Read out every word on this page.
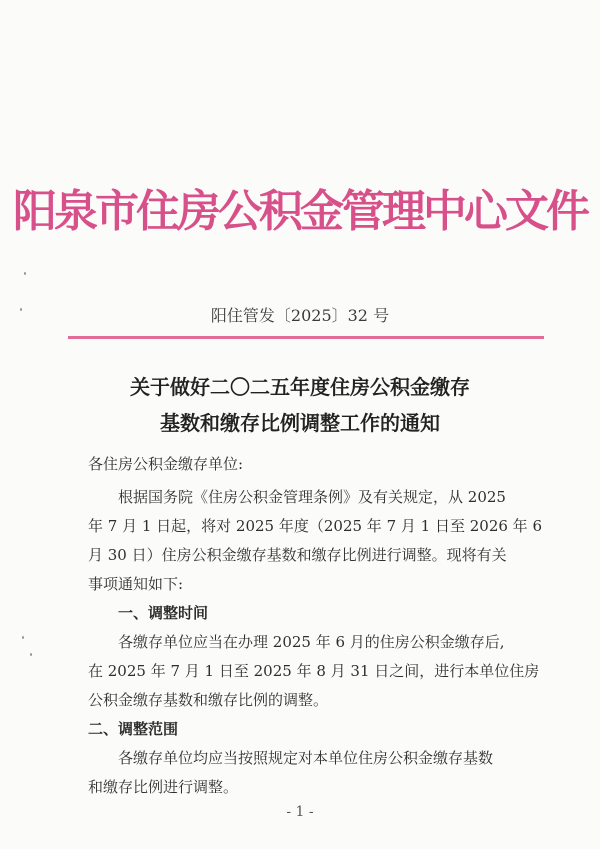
阳泉市住房公积金管理中心文件
阳住管发〔2025〕32 号
关于做好二〇二五年度住房公积金缴存
基数和缴存比例调整工作的通知
各住房公积金缴存单位:
根据国务院《住房公积金管理条例》及有关规定，从 2025
年 7 月 1 日起，将对 2025 年度（2025 年 7 月 1 日至 2026 年 6
月 30 日）住房公积金缴存基数和缴存比例进行调整。现将有关
事项通知如下:
一、调整时间
各缴存单位应当在办理 2025 年 6 月的住房公积金缴存后,
在 2025 年 7 月 1 日至 2025 年 8 月 31 日之间，进行本单位住房
公积金缴存基数和缴存比例的调整。
二、调整范围
各缴存单位均应当按照规定对本单位住房公积金缴存基数
和缴存比例进行调整。
- 1 -
